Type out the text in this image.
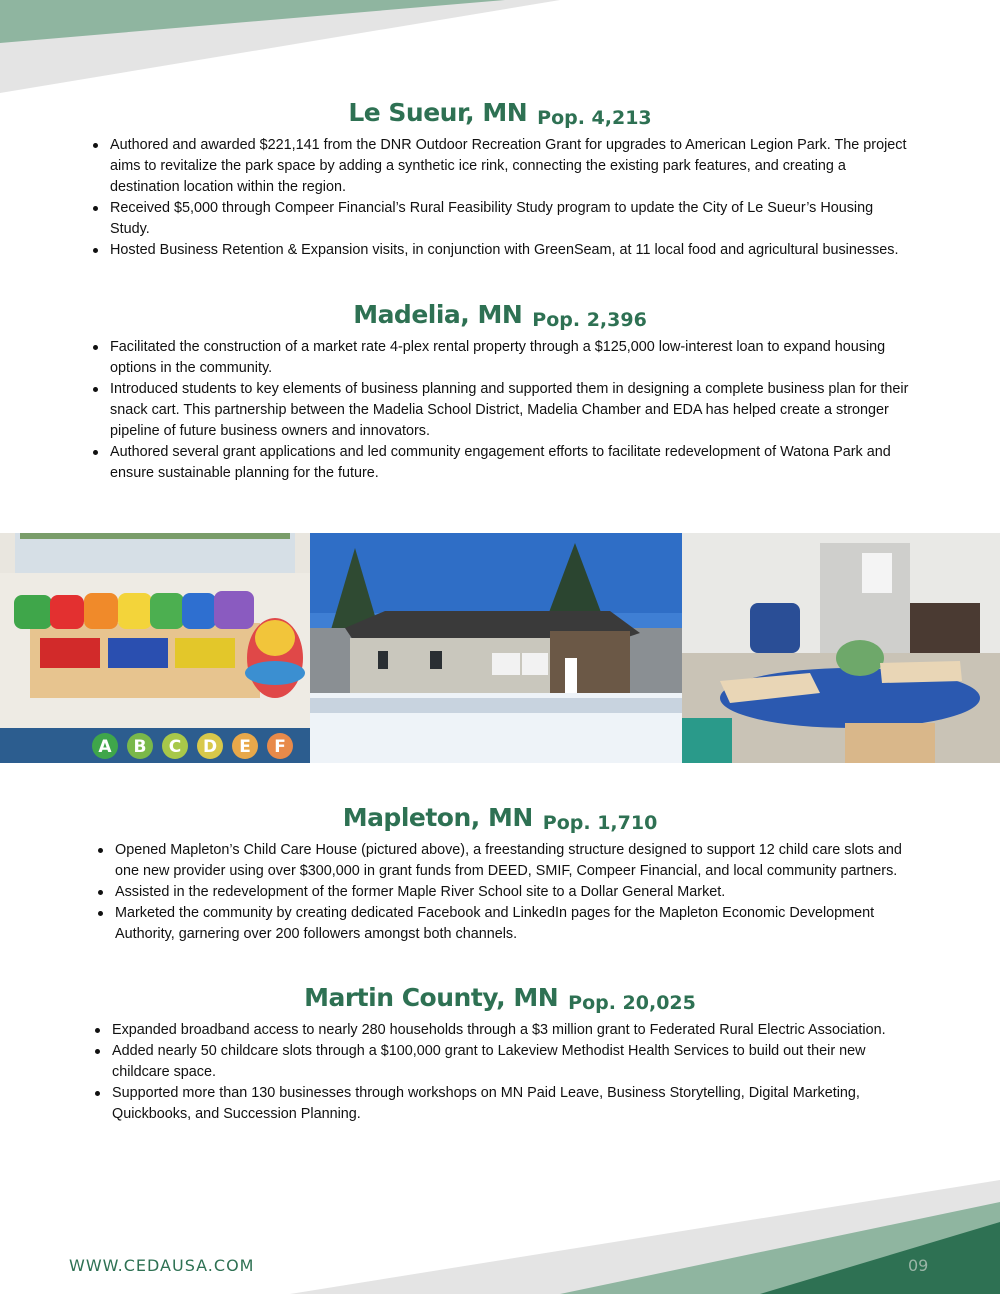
Le Sueur, MN Pop. 4,213
Authored and awarded $221,141 from the DNR Outdoor Recreation Grant for upgrades to American Legion Park. The project aims to revitalize the park space by adding a synthetic ice rink, connecting the existing park features, and creating a destination location within the region.
Received $5,000 through Compeer Financial’s Rural Feasibility Study program to update the City of Le Sueur’s Housing Study.
Hosted Business Retention & Expansion visits, in conjunction with GreenSeam, at 11 local food and agricultural businesses.
Madelia, MN Pop. 2,396
Facilitated the construction of a market rate 4-plex rental property through a $125,000 low-interest loan to expand housing options in the community.
Introduced students to key elements of business planning and supported them in designing a complete business plan for their snack cart. This partnership between the Madelia School District, Madelia Chamber and EDA has helped create a stronger pipeline of future business owners and innovators.
Authored several grant applications and led community engagement efforts to facilitate redevelopment of Watona Park and ensure sustainable planning for the future.
A B C D E F
Mapleton, MN Pop. 1,710
Opened Mapleton’s Child Care House (pictured above), a freestanding structure designed to support 12 child care slots and one new provider using over $300,000 in grant funds from DEED, SMIF, Compeer Financial, and local community partners.
Assisted in the redevelopment of the former Maple River School site to a Dollar General Market.
Marketed the community by creating dedicated Facebook and LinkedIn pages for the Mapleton Economic Development Authority, garnering over 200 followers amongst both channels.
Martin County, MN Pop. 20,025
Expanded broadband access to nearly 280 households through a $3 million grant to Federated Rural Electric Association.
Added nearly 50 childcare slots through a $100,000 grant to Lakeview Methodist Health Services to build out their new childcare space.
Supported more than 130 businesses through workshops on MN Paid Leave, Business Storytelling, Digital Marketing, Quickbooks, and Succession Planning.
WWW.CEDAUSA.COM	09
